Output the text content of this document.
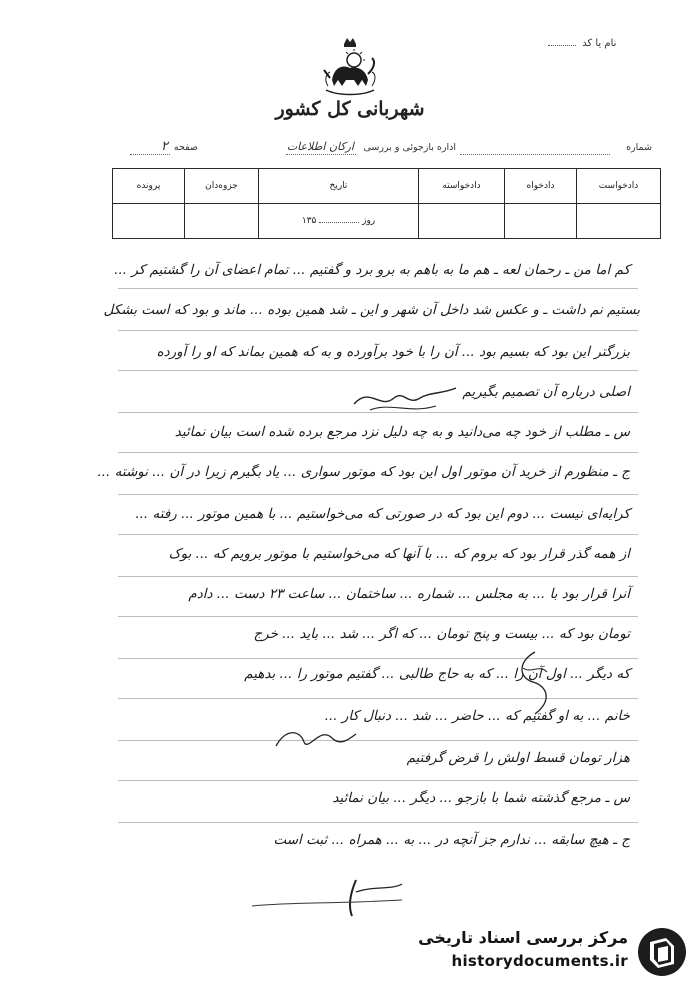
نام یا کد
شهربانی کل کشور
شماره
اداره بازجوئی و بررسی
ارکان اطلاعات
صفحه
۲
دادخواست	دادخواه	دادخواسته	تاریخ	جزوه‌دان	پرونده
			روز  ۱۳۵		
کم اما من ـ رحمان لعه ـ هم ما به باهم به برو برد و گفتیم ... تمام اعضای آن را گشتیم کر ...
بستیم نم داشت ـ و عکس شد داخل آن شهر و این ـ شد همین بوده ... ماند و بود که است بشکل
بزرگتر این بود که بسیم بود ... آن را با خود برآورده و به که همین بماند که او را آورده
اصلی درباره آن تصمیم بگیریم
س ـ مطلب از خود چه می‌دانید و به چه دلیل نزد مرجع برده شده است بیان نمائید
ج ـ منظورم از خرید آن موتور اول این بود که موتور سواری ... یاد بگیرم زیرا در آن ... نوشته ...
کرایه‌ای نیست ... دوم این بود که در صورتی که می‌خواستیم ... با همین موتور ... رفته ...
از همه گذر قرار بود که بروم که ... با آنها که می‌خواستیم با موتور برویم که ... بوک
آنرا قرار بود با ... به مجلس ... شماره ... ساختمان ... ساعت ۲۳ دست ... دادم
تومان بود که ... بیست و پنج تومان ... که اگر ... شد ... باید ... خرج
که دیگر ... اول آن را ... که به حاج طالبی ... گفتیم موتور را ... بدهیم
خانم ... به او گفتیم که ... حاضر ... شد ... دنبال کار ...
هزار تومان قسط اولش را قرض گرفتیم
س ـ مرجع گذشته شما با بازجو ... دیگر ... بیان نمائید
ج ـ هیچ سابقه ... ندارم جز آنچه در ... به ... همراه ... ثبت است
مرکز بررسی اسناد تاریخی
historydocuments.ir
